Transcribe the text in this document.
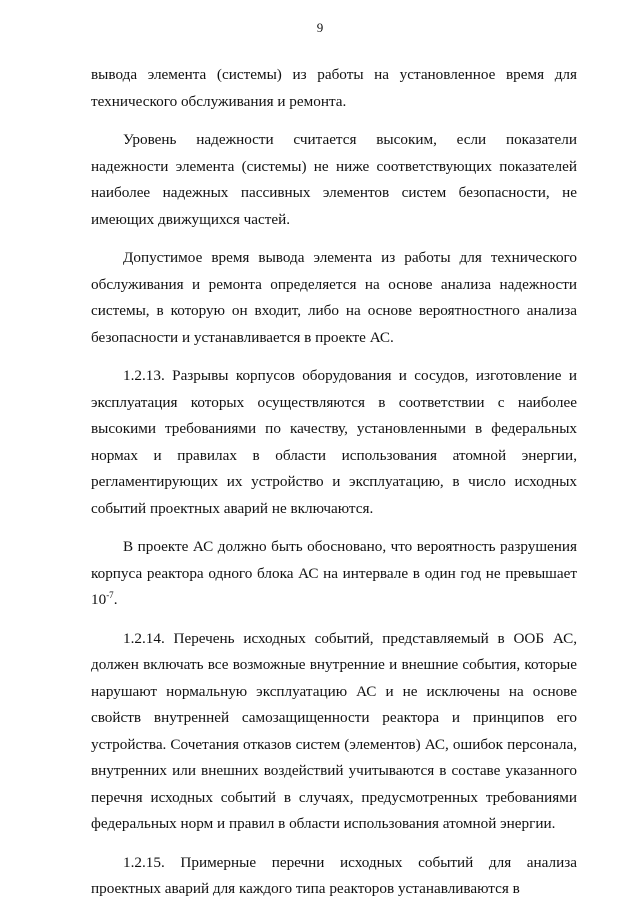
9

вывода элемента (системы) из работы на установленное время для технического обслуживания и ремонта.

Уровень надежности считается высоким, если показатели надежности элемента (системы) не ниже соответствующих показателей наиболее надежных пассивных элементов систем безопасности, не имеющих движущихся частей.

Допустимое время вывода элемента из работы для технического обслуживания и ремонта определяется на основе анализа надежности системы, в которую он входит, либо на основе вероятностного анализа безопасности и устанавливается в проекте АС.

1.2.13. Разрывы корпусов оборудования и сосудов, изготовление и эксплуатация которых осуществляются в соответствии с наиболее высокими требованиями по качеству, установленными в федеральных нормах и правилах в области использования атомной энергии, регламентирующих их устройство и эксплуатацию, в число исходных событий проектных аварий не включаются.

В проекте АС должно быть обосновано, что вероятность разрушения корпуса реактора одного блока АС на интервале в один год не превышает $10^{-7}$.

1.2.14. Перечень исходных событий, представляемый в ООБ АС, должен включать все возможные внутренние и внешние события, которые нарушают нормальную эксплуатацию АС и не исключены на основе свойств внутренней самозащищенности реактора и принципов его устройства. Сочетания отказов систем (элементов) АС, ошибок персонала, внутренних или внешних воздействий учитываются в составе указанного перечня исходных событий в случаях, предусмотренных требованиями федеральных норм и правил в области использования атомной энергии.

1.2.15. Примерные перечни исходных событий для анализа проектных аварий для каждого типа реакторов устанавливаются в
